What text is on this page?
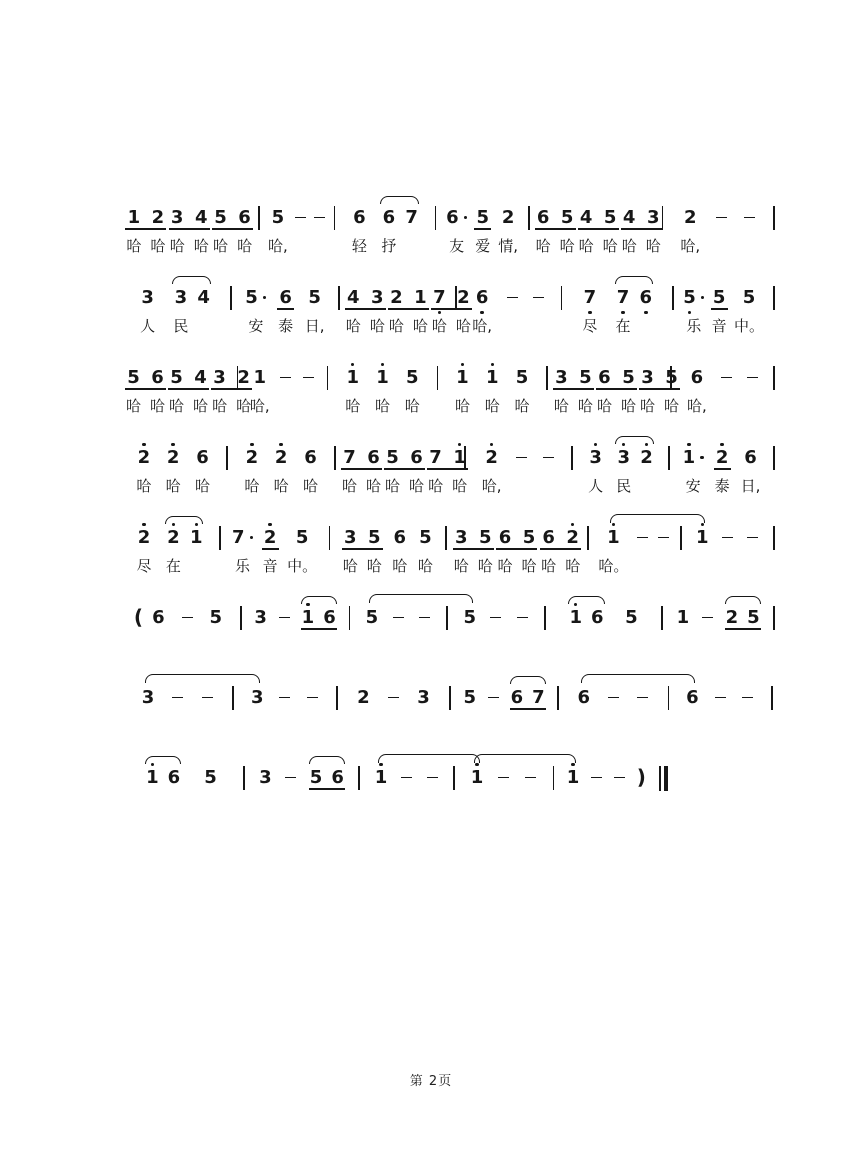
1
哈
2
哈
3
哈
4
哈
5
哈
6
哈
5
哈,
6
轻
6
抒
7 6
友
5
爱
2
情,
6
哈
5
哈
4
哈
5
哈
4
哈
3
哈
2
哈,
3
人
3
民
4 5
安
6
泰
5
日,
4
哈
3
哈
2
哈
1
哈
7
哈
2
哈
6
哈,
7
尽
7
在
6 5
乐
5
音
5
中。
5
哈
6
哈
5
哈
4
哈
3
哈
2
哈
1
哈,
1
哈
1
哈
5
哈
1
哈
1
哈
5
哈
3
哈
5
哈
6
哈
5
哈
3
哈
5
哈
6
哈,
2
哈
2
哈
6
哈
2
哈
2
哈
6
哈
7
哈
6
哈
5
哈
6
哈
7
哈
1
哈
2
哈,
3
人
3
民
2 1
安
2
泰
6
日,
2
尽
2
在
1 7
乐
2
音
5
中。
3
哈
5
哈
6
哈
5
哈
3
哈
5
哈
6
哈
5
哈
6
哈
2
哈
1
哈。
1
( 6 5 3 1 6 5	5	1 6 5 1 2 5
3	3	2	3 5 6 7 6	6
1 6 5 3 5 6 1	1	1	)
第 2页
